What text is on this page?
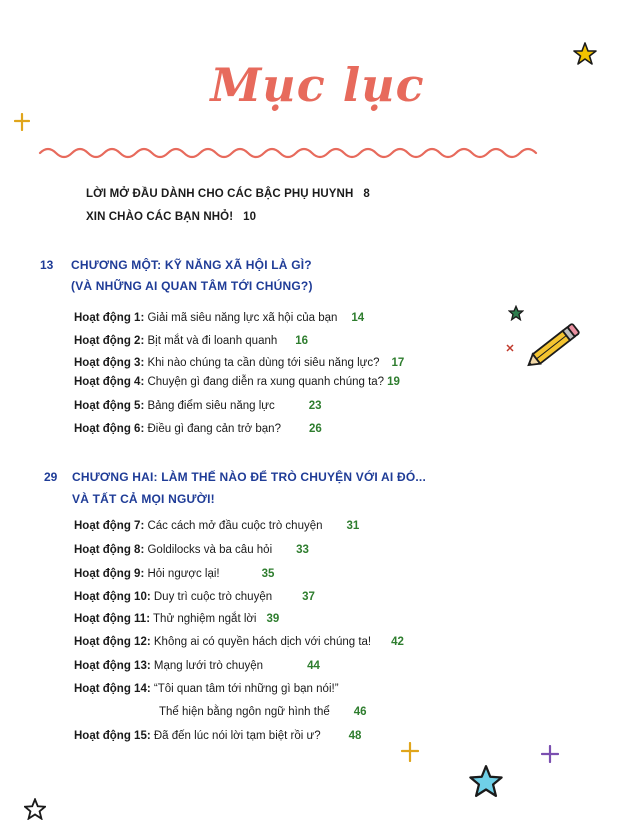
Mục lục
LỜI MỞ ĐẦU DÀNH CHO CÁC BẬC PHỤ HUYNH 8
XIN CHÀO CÁC BẠN NHỎ! 10
13 CHƯƠNG MỘT: KỸ NĂNG XÃ HỘI LÀ GÌ?
(VÀ NHỮNG AI QUAN TÂM TỚI CHÚNG?)
Hoạt động 1: Giải mã siêu năng lực xã hội của bạn 14
Hoạt động 2: Bịt mắt và đi loanh quanh 16
Hoạt động 3: Khi nào chúng ta cần dùng tới siêu năng lực? 17
Hoạt động 4: Chuyện gì đang diễn ra xung quanh chúng ta? 19
Hoạt động 5: Bảng điểm siêu năng lực	23
Hoạt động 6: Điều gì đang cản trở bạn? 26
29 CHƯƠNG HAI: LÀM THẾ NÀO ĐỂ TRÒ CHUYỆN VỚI AI ĐÓ...
VÀ TẤT CẢ MỌI NGƯỜI!
Hoạt động 7: Các cách mở đầu cuộc trò chuyện 31
Hoạt động 8: Goldilocks và ba câu hỏi 33
Hoạt động 9: Hỏi ngược lại!	35
Hoạt động 10: Duy trì cuộc trò chuyện	37
Hoạt động 11: Thử nghiệm ngắt lời 39
Hoạt động 12: Không ai có quyền hách dịch với chúng ta! 42
Hoạt động 13: Mạng lưới trò chuyện	44
Hoạt động 14: “Tôi quan tâm tới những gì bạn nói!”
Thể hiện bằng ngôn ngữ hình thể 46
Hoạt động 15: Đã đến lúc nói lời tạm biệt rồi ư? 48
